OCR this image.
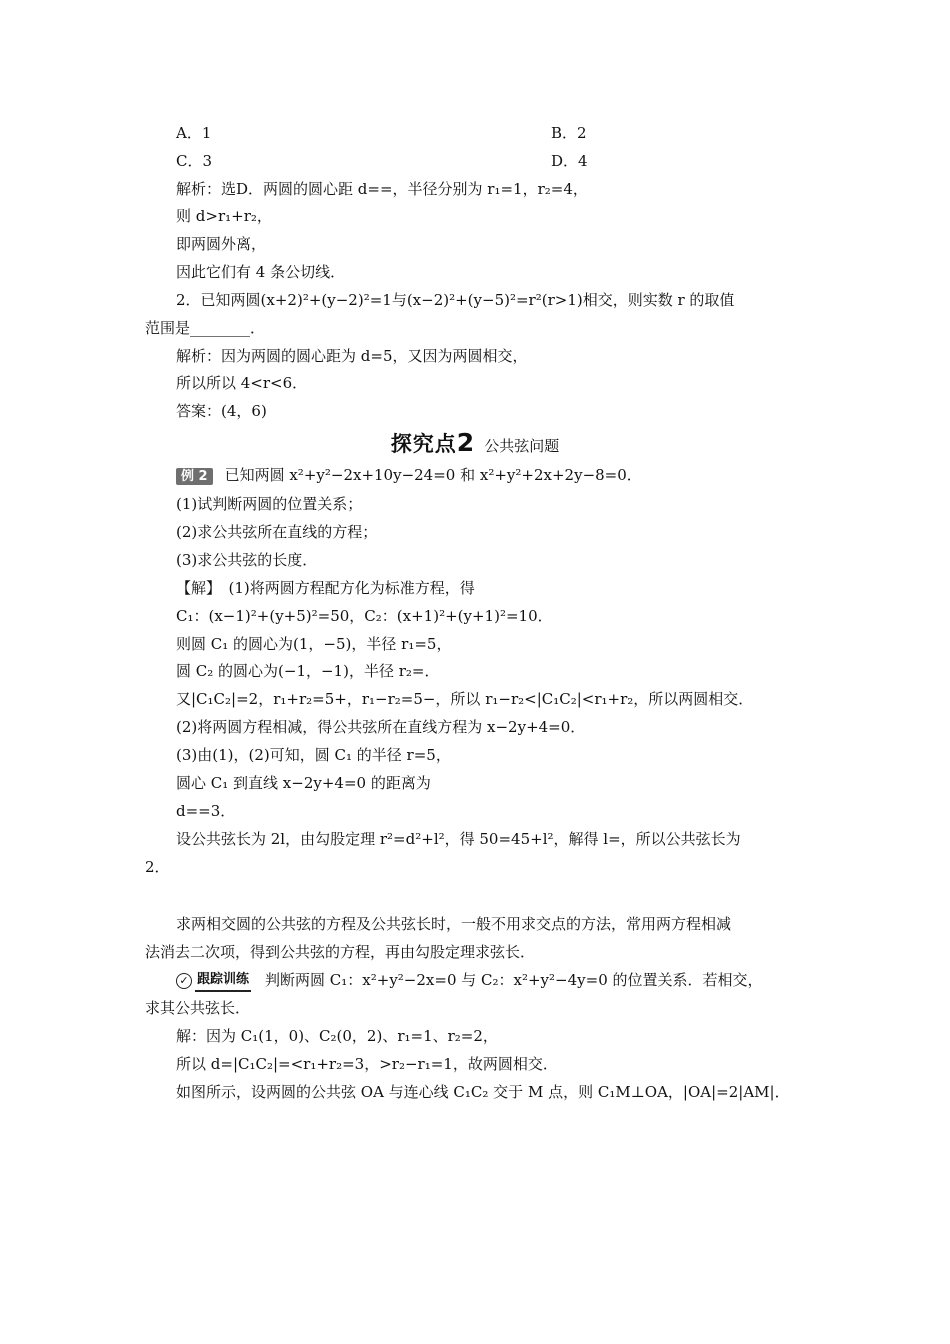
A．1	B．2
C．3	D．4
解析：选D．两圆的圆心距 d==，半径分别为 r₁=1，r₂=4，
则 d>r₁+r₂，
即两圆外离，
因此它们有 4 条公切线．
2．已知两圆(x+2)²+(y−2)²=1与(x−2)²+(y−5)²=r²(r>1)相交，则实数 r 的取值
范围是________．
解析：因为两圆的圆心距为 d=5，又因为两圆相交，
所以所以 4<r<6．
答案：(4，6)
探究点2 公共弦问题
例 2 已知两圆 x²+y²−2x+10y−24=0 和 x²+y²+2x+2y−8=0．
(1)试判断两圆的位置关系；
(2)求公共弦所在直线的方程；
(3)求公共弦的长度．
【解】　(1)将两圆方程配方化为标准方程，得
C₁：(x−1)²+(y+5)²=50，C₂：(x+1)²+(y+1)²=10．
则圆 C₁ 的圆心为(1，−5)，半径 r₁=5，
圆 C₂ 的圆心为(−1，−1)，半径 r₂=．
又|C₁C₂|=2，r₁+r₂=5+，r₁−r₂=5−，所以 r₁−r₂<|C₁C₂|<r₁+r₂，所以两圆相交．
(2)将两圆方程相减，得公共弦所在直线方程为 x−2y+4=0．
(3)由(1)，(2)可知，圆 C₁ 的半径 r=5，
圆心 C₁ 到直线 x−2y+4=0 的距离为
d==3．
设公共弦长为 2l，由勾股定理 r²=d²+l²，得 50=45+l²，解得 l=，所以公共弦长为
2．
求两相交圆的公共弦的方程及公共弦长时，一般不用求交点的方法，常用两方程相减
法消去二次项，得到公共弦的方程，再由勾股定理求弦长．
✓ 跟踪训练 判断两圆 C₁：x²+y²−2x=0 与 C₂：x²+y²−4y=0 的位置关系．若相交，
求其公共弦长．
解：因为 C₁(1，0)、C₂(0，2)、r₁=1、r₂=2，
所以 d=|C₁C₂|=<r₁+r₂=3，>r₂−r₁=1，故两圆相交．
如图所示，设两圆的公共弦 OA 与连心线 C₁C₂ 交于 M 点，则 C₁M⊥OA，|OA|=2|AM|．
